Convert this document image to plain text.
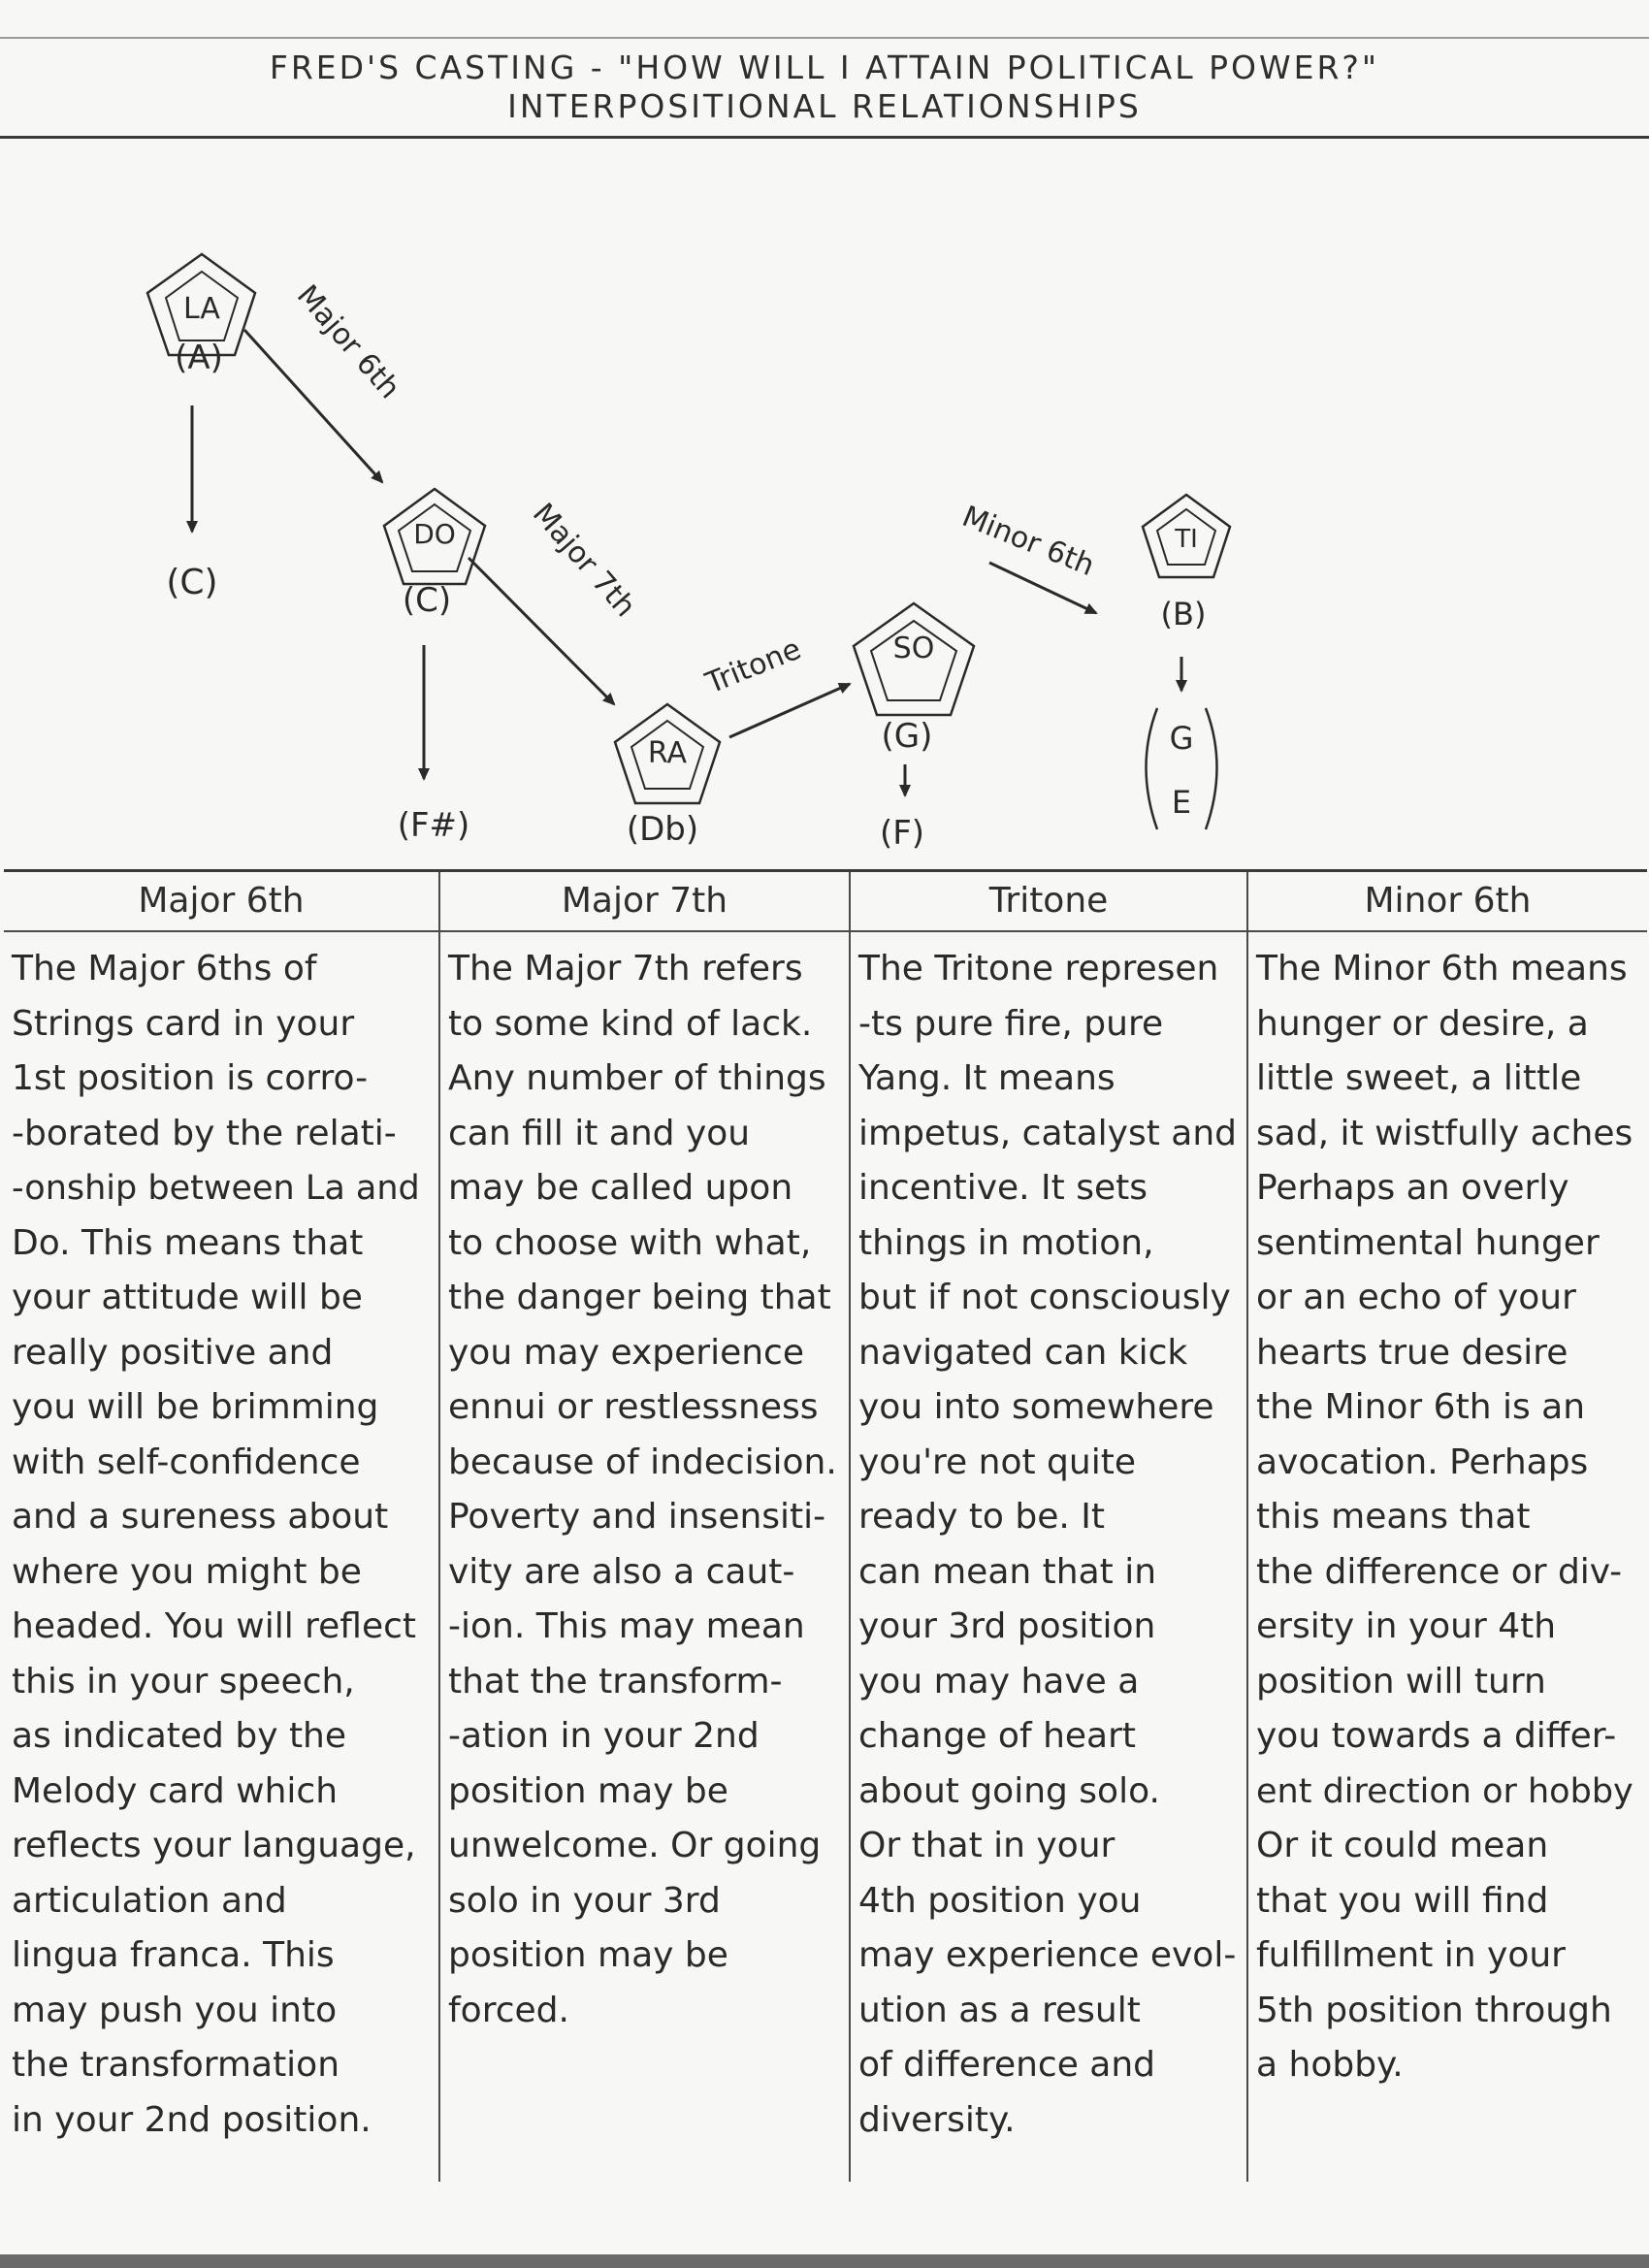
FRED'S CASTING - "HOW WILL I ATTAIN POLITICAL POWER?"
INTERPOSITIONAL RELATIONSHIPS
LA
(A)
(C)
DO
(C)
(F#)
RA
(Db)
SO
(G)
(F)
TI
(B)
G
E
Major 6th
Major 7th
Tritone
Minor 6th
Major 6th
The Major 6ths of
Strings card in your
1st position is corro-
-borated by the relati-
-onship between La and
Do. This means that
your attitude will be
really positive and
you will be brimming
with self-confidence
and a sureness about
where you might be
headed. You will reflect
this in your speech,
as indicated by the
Melody card which
reflects your language,
articulation and
lingua franca. This
may push you into
the transformation
in your 2nd position.
Major 7th
The Major 7th refers
to some kind of lack.
Any number of things
can fill it and you
may be called upon
to choose with what,
the danger being that
you may experience
ennui or restlessness
because of indecision.
Poverty and insensiti-
vity are also a caut-
-ion. This may mean
that the transform-
-ation in your 2nd
position may be
unwelcome. Or going
solo in your 3rd
position may be
forced.
Tritone
The Tritone represen
-ts pure fire, pure
Yang. It means
impetus, catalyst and
incentive. It sets
things in motion,
but if not consciously
navigated can kick
you into somewhere
you're not quite
ready to be. It
can mean that in
your 3rd position
you may have a
change of heart
about going solo.
Or that in your
4th position you
may experience evol-
ution as a result
of difference and
diversity.
Minor 6th
The Minor 6th means
hunger or desire, a
little sweet, a little
sad, it wistfully aches
Perhaps an overly
sentimental hunger
or an echo of your
hearts true desire
the Minor 6th is an
avocation. Perhaps
this means that
the difference or div-
ersity in your 4th
position will turn
you towards a differ-
ent direction or hobby
Or it could mean
that you will find
fulfillment in your
5th position through
a hobby.
